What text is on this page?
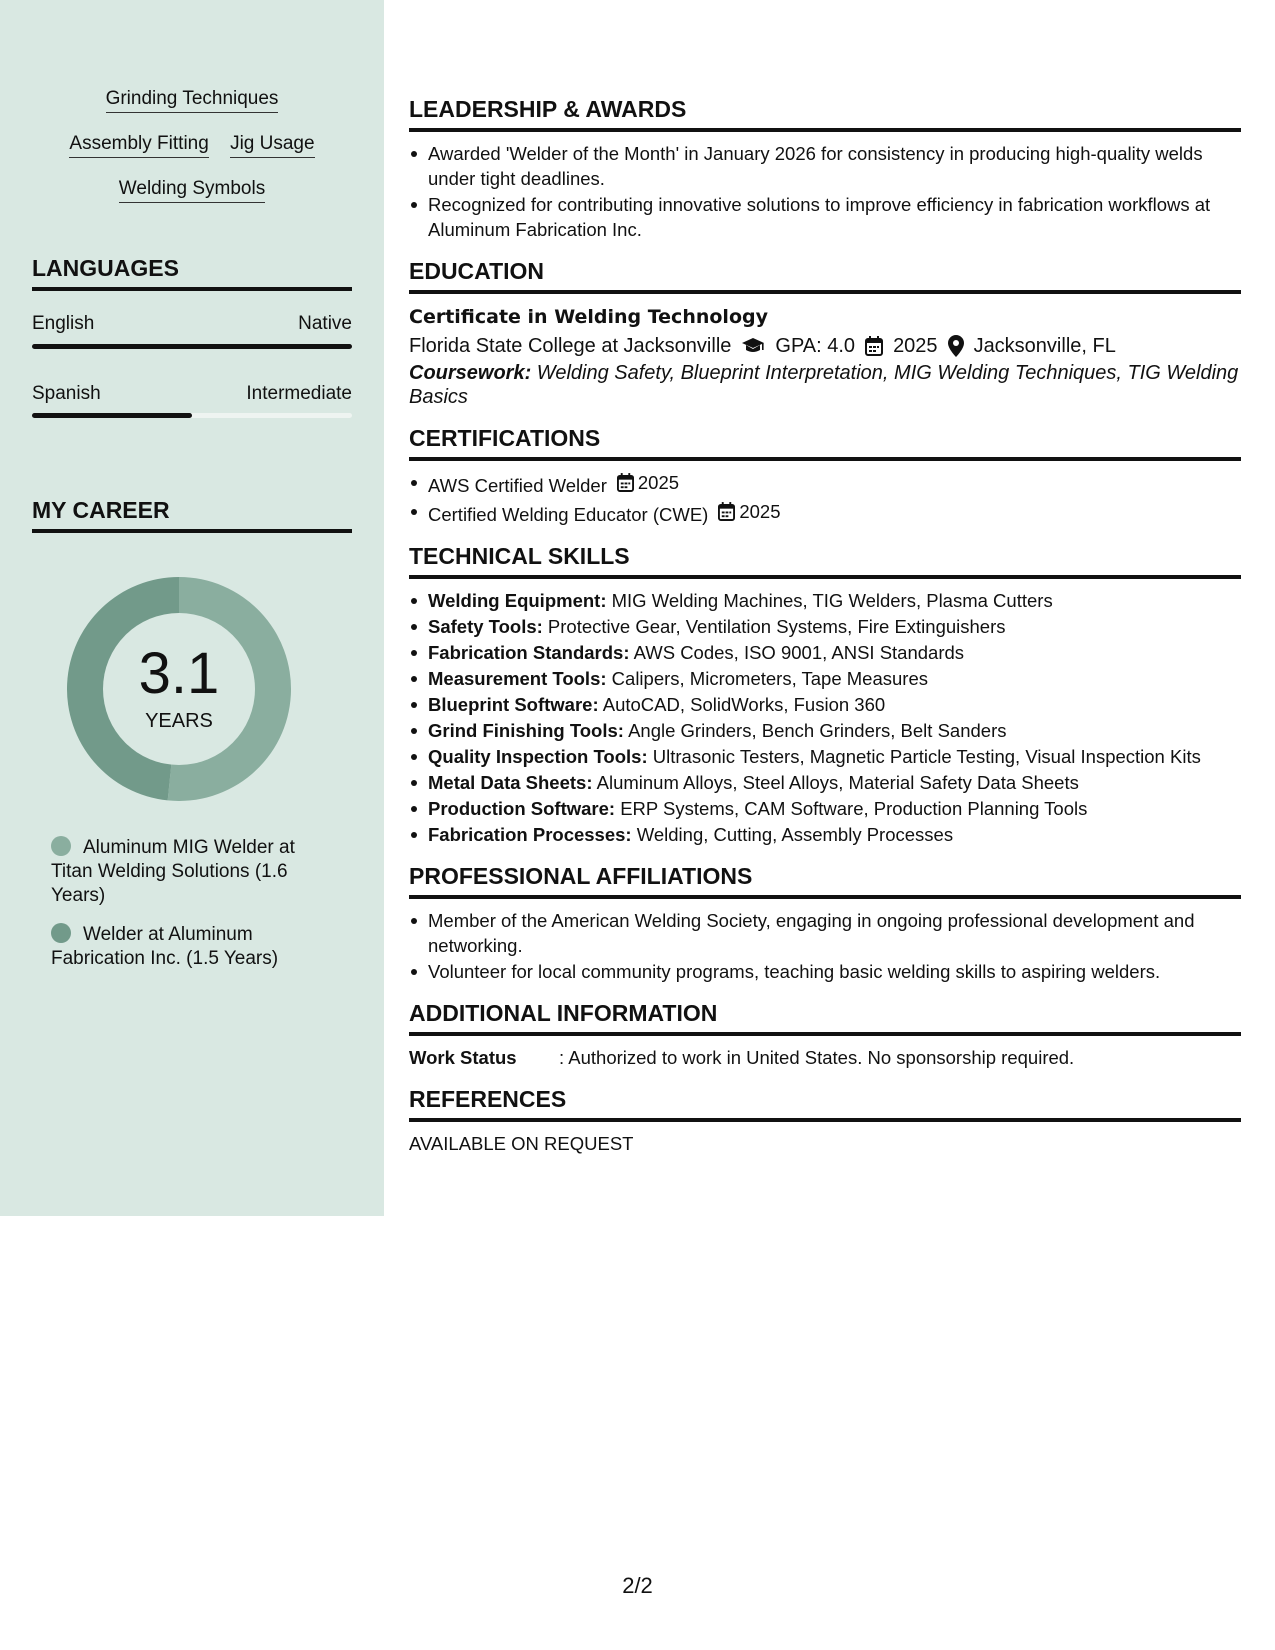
Grinding Techniques
Assembly Fitting Jig Usage
Welding Symbols
LANGUAGES
English	Native
Spanish	Intermediate
MY CAREER
3.1
YEARS
Aluminum MIG Welder at Titan Welding Solutions (1.6 Years)
Welder at Aluminum Fabrication Inc. (1.5 Years)
LEADERSHIP & AWARDS
Awarded 'Welder of the Month' in January 2026 for consistency in producing high-quality welds under tight deadlines.
Recognized for contributing innovative solutions to improve efficiency in fabrication workflows at Aluminum Fabrication Inc.
EDUCATION
Certificate in Welding Technology
Florida State College at Jacksonville GPA: 4.0 2025 Jacksonville, FL
Coursework: Welding Safety, Blueprint Interpretation, MIG Welding Techniques, TIG Welding Basics
CERTIFICATIONS
AWS Certified Welder 2025
Certified Welding Educator (CWE) 2025
TECHNICAL SKILLS
Welding Equipment: MIG Welding Machines, TIG Welders, Plasma Cutters
Safety Tools: Protective Gear, Ventilation Systems, Fire Extinguishers
Fabrication Standards: AWS Codes, ISO 9001, ANSI Standards
Measurement Tools: Calipers, Micrometers, Tape Measures
Blueprint Software: AutoCAD, SolidWorks, Fusion 360
Grind Finishing Tools: Angle Grinders, Bench Grinders, Belt Sanders
Quality Inspection Tools: Ultrasonic Testers, Magnetic Particle Testing, Visual Inspection Kits
Metal Data Sheets: Aluminum Alloys, Steel Alloys, Material Safety Data Sheets
Production Software: ERP Systems, CAM Software, Production Planning Tools
Fabrication Processes: Welding, Cutting, Assembly Processes
PROFESSIONAL AFFILIATIONS
Member of the American Welding Society, engaging in ongoing professional development and networking.
Volunteer for local community programs, teaching basic welding skills to aspiring welders.
ADDITIONAL INFORMATION
Work Status	: Authorized to work in United States. No sponsorship required.
REFERENCES
AVAILABLE ON REQUEST
2/2
